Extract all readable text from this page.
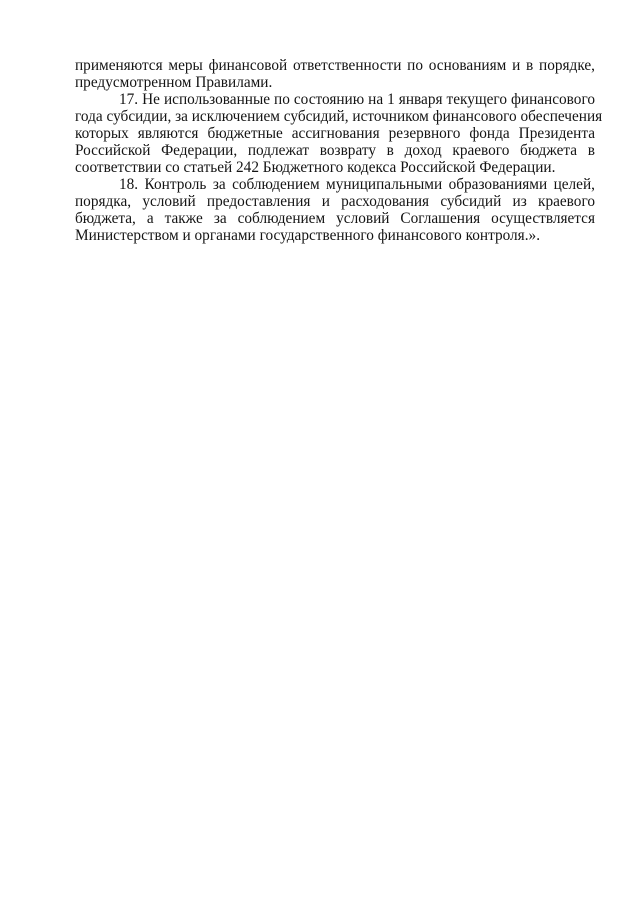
применяются меры финансовой ответственности по основаниям и в порядке,
предусмотренном Правилами.
17. Не использованные по состоянию на 1 января текущего финансового
года субсидии, за исключением субсидий, источником финансового обеспечения
которых являются бюджетные ассигнования резервного фонда Президента
Российской Федерации, подлежат возврату в доход краевого бюджета в
соответствии со статьей 242 Бюджетного кодекса Российской Федерации.
18. Контроль за соблюдением муниципальными образованиями целей,
порядка, условий предоставления и расходования субсидий из краевого
бюджета, а также за соблюдением условий Соглашения осуществляется
Министерством и органами государственного финансового контроля.».
